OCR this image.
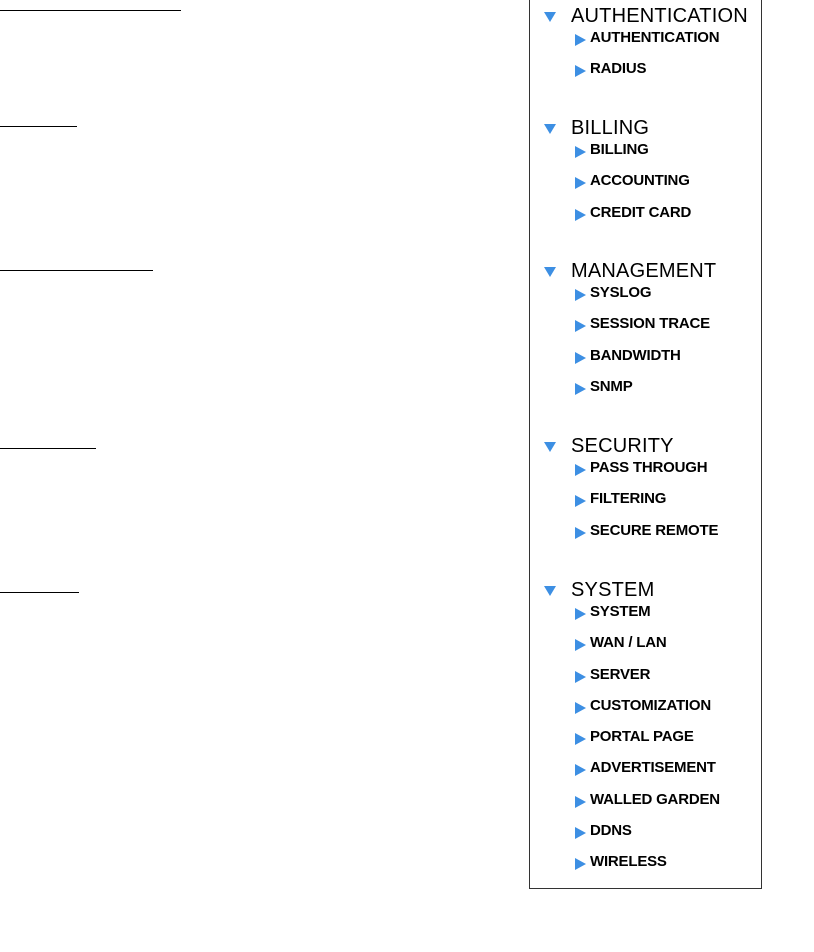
AUTHENTICATION
AUTHENTICATION
RADIUS
BILLING
BILLING
ACCOUNTING
CREDIT CARD
MANAGEMENT
SYSLOG
SESSION TRACE
BANDWIDTH
SNMP
SECURITY
PASS THROUGH
FILTERING
SECURE REMOTE
SYSTEM
SYSTEM
WAN / LAN
SERVER
CUSTOMIZATION
PORTAL PAGE
ADVERTISEMENT
WALLED GARDEN
DDNS
WIRELESS
